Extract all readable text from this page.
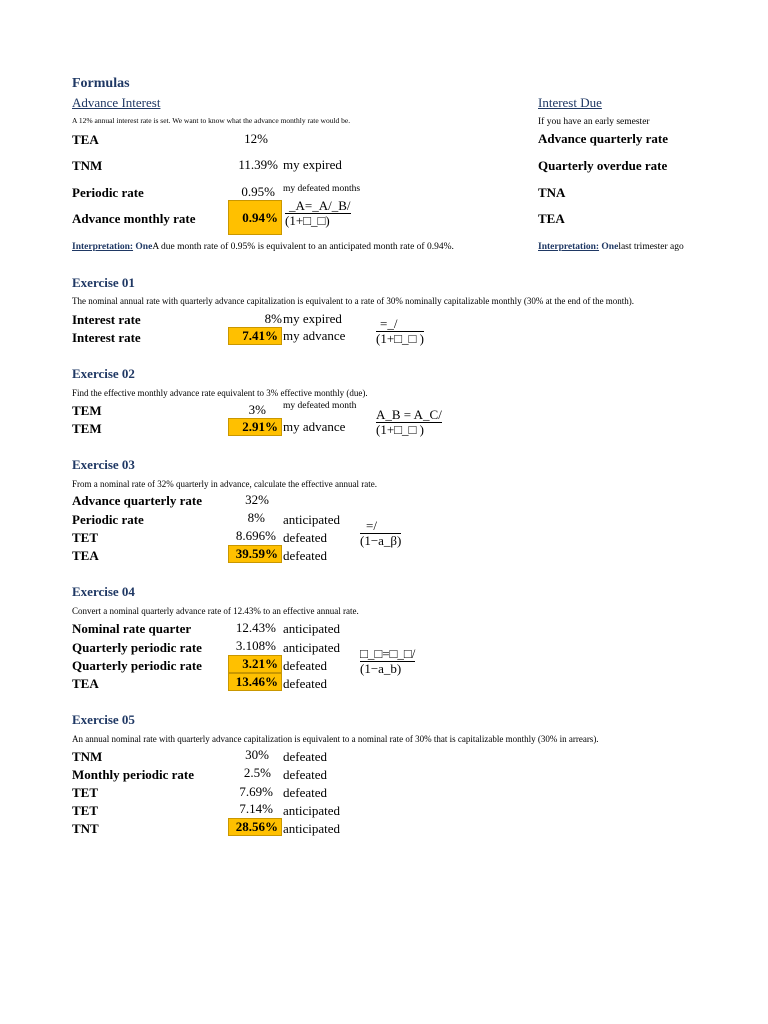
Formulas
Advance Interest	Interest Due
A 12% annual interest rate is set. We want to know what the advance monthly rate would be.
TEA	12%
TNM	11.39% my expired
Periodic rate	0.95% my defeated months
Advance monthly rate	$0.94\% \frac{\_A=\_A/\_B/}{(1+□\_□)}$
Interpretation: OneA due month rate of 0.95% is equivalent to an anticipated month rate of 0.94%.
If you have an early semester
Advance quarterly rate
Quarterly overdue rate
TNA
TEA
Interpretation: Onelast trimester ago
Exercise 01
The nominal annual rate with quarterly advance capitalization is equivalent to a rate of 30% nominally capitalizable monthly (30% at the end of the month).
Interest rate	8% my expired
Interest rate	7.41% my advance
=_/
(1+□_□ )
Exercise 02
Find the effective monthly advance rate equivalent to 3% effective monthly (due).
TEM	3% my defeated month
TEM	2.91% my advance $\frac{A\_B = A\_C/}{(1+□\_□ )}$
Exercise 03
From a nominal rate of 32% quarterly in advance, calculate the effective annual rate.
Advance quarterly rate	32%
Periodic rate	8% anticipated
TET	8.696% defeated
TEA	39.59% defeated
=/
(1−a_β)
Exercise 04
Convert a nominal quarterly advance rate of 12.43% to an effective annual rate.
Nominal rate quarter	12.43% anticipated
Quarterly periodic rate	3.108% anticipated
Quarterly periodic rate	3.21% defeated
TEA	13.46% defeated
□_□=□_□/
(1−a_b)
Exercise 05
An annual nominal rate with quarterly advance capitalization is equivalent to a nominal rate of 30% that is capitalizable monthly (30% in arrears).
TNM	30% defeated
Monthly periodic rate	2.5% defeated
TET	7.69% defeated
TET	7.14% anticipated
TNT	28.56% anticipated
